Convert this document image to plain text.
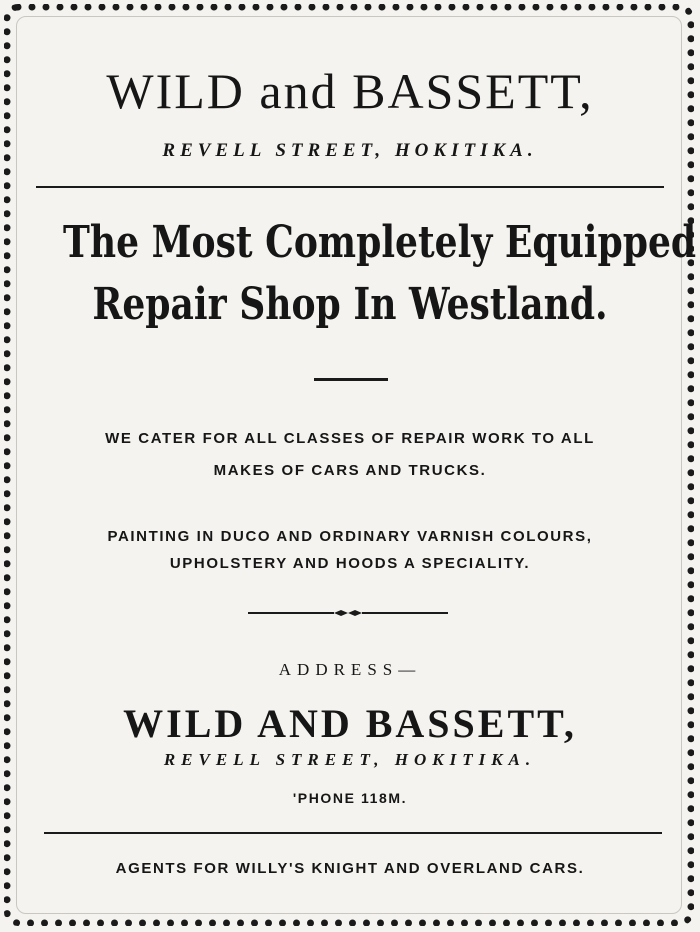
WILD and BASSETT,
REVELL STREET, HOKITIKA.
The Most Completely Equipped
Repair Shop In Westland.
WE CATER FOR ALL CLASSES OF REPAIR WORK TO ALL
MAKES OF CARS AND TRUCKS.
PAINTING IN DUCO AND ORDINARY VARNISH COLOURS,
UPHOLSTERY AND HOODS A SPECIALITY.
ADDRESS—
WILD AND BASSETT,
REVELL STREET, HOKITIKA.
'PHONE 118M.
AGENTS FOR WILLY'S KNIGHT AND OVERLAND CARS.
